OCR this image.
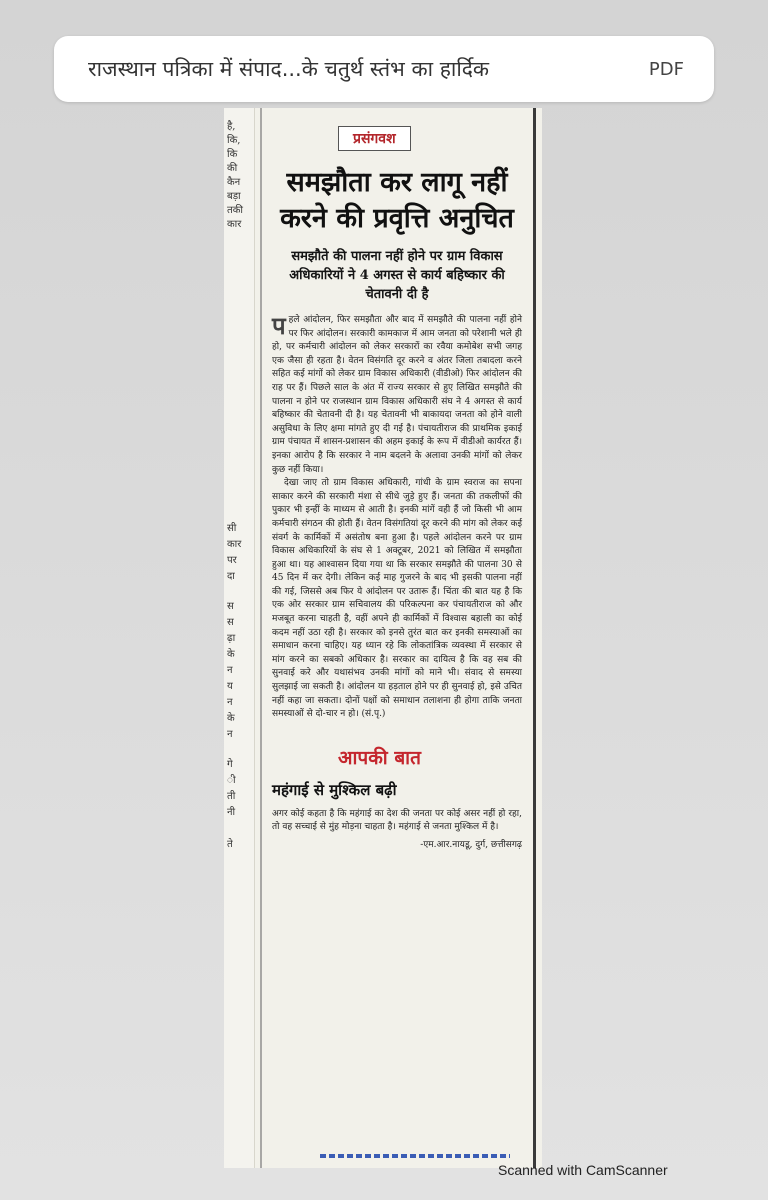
राजस्थान पत्रिका में संपाद...के चतुर्थ स्तंभ का हार्दिक	PDF
है,
कि,
कि
की
कैन
बड़ा
तकी
कार
सी
कार
पर
दा
स
स
ढ़ा
के
न
य
न
के
न
गे
ी
ती
नी
ते
प्रसंगवश
समझौता कर लागू नहीं करने की प्रवृत्ति अनुचित
समझौते की पालना नहीं होने पर ग्राम विकास अधिकारियों ने 4 अगस्त से कार्य बहिष्कार की चेतावनी दी है

पहले आंदोलन, फिर समझौता और बाद में समझौते की पालना नहीं होने पर फिर आंदोलन। सरकारी कामकाज में आम जनता को परेशानी भले ही हो, पर कर्मचारी आंदोलन को लेकर सरकारों का रवैया कमोबेश सभी जगह एक जैसा ही रहता है। वेतन विसंगति दूर करने व अंतर जिला तबादला करने सहित कई मांगों को लेकर ग्राम विकास अधिकारी (वीडीओ) फिर आंदोलन की राह पर हैं। पिछले साल के अंत में राज्य सरकार से हुए लिखित समझौते की पालना न होने पर राजस्थान ग्राम विकास अधिकारी संघ ने 4 अगस्त से कार्य बहिष्कार की चेतावनी दी है। यह चेतावनी भी बाकायदा जनता को होने वाली असुविधा के लिए क्षमा मांगते हुए दी गई है। पंचायतीराज की प्राथमिक इकाई ग्राम पंचायत में शासन-प्रशासन की अहम इकाई के रूप में वीडीओ कार्यरत हैं। इनका आरोप है कि सरकार ने नाम बदलने के अलावा उनकी मांगों को लेकर कुछ नहीं किया।

देखा जाए तो ग्राम विकास अधिकारी, गांधी के ग्राम स्वराज का सपना साकार करने की सरकारी मंशा से सीधे जुड़े हुए हैं। जनता की तकलीफों की पुकार भी इन्हीं के माध्यम से आती है। इनकी मांगें वही हैं जो किसी भी आम कर्मचारी संगठन की होती हैं। वेतन विसंगतियां दूर करने की मांग को लेकर कई संवर्ग के कार्मिकों में असंतोष बना हुआ है। पहले आंदोलन करने पर ग्राम विकास अधिकारियों के संघ से 1 अक्टूबर, 2021 को लिखित में समझौता हुआ था। यह आश्वासन दिया गया था कि सरकार समझौते की पालना 30 से 45 दिन में कर देगी। लेकिन कई माह गुजरने के बाद भी इसकी पालना नहीं की गई, जिससे अब फिर ये आंदोलन पर उतारू हैं। चिंता की बात यह है कि एक ओर सरकार ग्राम सचिवालय की परिकल्पना कर पंचायतीराज को और मजबूत करना चाहती है, वहीं अपने ही कार्मिकों में विश्वास बहाली का कोई कदम नहीं उठा रही है। सरकार को इनसे तुरंत बात कर इनकी समस्याओं का समाधान करना चाहिए। यह ध्यान रहे कि लोकतांत्रिक व्यवस्था में सरकार से मांग करने का सबको अधिकार है। सरकार का दायित्व है कि वह सब की सुनवाई करे और यथासंभव उनकी मांगों को माने भी। संवाद से समस्या सुलझाई जा सकती है। आंदोलन या हड़ताल होने पर ही सुनवाई हो, इसे उचित नहीं कहा जा सकता। दोनों पक्षों को समाधान तलाशना ही होगा ताकि जनता समस्याओं से दो-चार न हो। (सं.पृ.)

आपकी बात
महंगाई से मुश्किल बढ़ी
अगर कोई कहता है कि महंगाई का देश की जनता पर कोई असर नहीं हो रहा, तो वह सच्चाई से मुंह मोड़ना चाहता है। महंगाई से जनता मुश्किल में है।
-एम.आर.नायडू, दुर्ग, छत्तीसगढ़
Scanned with CamScanner
